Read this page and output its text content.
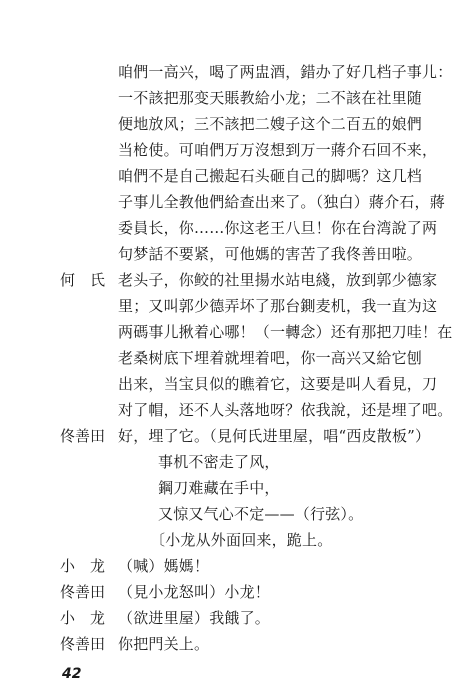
咱們一高兴，喝了两盅酒，錯办了好几档子事儿：
一不該把那变天賬教給小龙；二不該在社里随
便地放风；三不該把二嫂子这个二百五的娘們
当枪使。可咱們万万沒想到万一蔣介石回不来，
咱們不是自己搬起石头砸自己的脚嗎？这几档
子事儿全教他們給查出来了。（独白）蔣介石，蔣
委員长，你……你这老王八旦！你在台湾說了两
句梦話不要紧，可他媽的害苦了我佟善田啦。
何　氏 老头子，你鲛的社里揚水站电綫，放到郭少德家
里；又叫郭少德弄坏了那台鍘麦机，我一直为这
两碼事儿揪着心哪！（一轉念）还有那把刀哇！在
老桑树底下埋着就埋着吧，你一高兴又給它刨
出来，当宝貝似的瞧着它，这要是叫人看見，刀
对了帽，还不人头落地呀？依我說，还是埋了吧。
佟善田 好，埋了它。（見何氏进里屋，唱“西皮散板”）
事机不密走了风，
鋼刀难藏在手中，
又惊又气心不定——（行弦）。
〔小龙从外面回来，跪上。
小　龙 （喊）媽媽！
佟善田 （見小龙怒叫）小龙！
小　龙 （欲进里屋）我餓了。
佟善田 你把門关上。
42
